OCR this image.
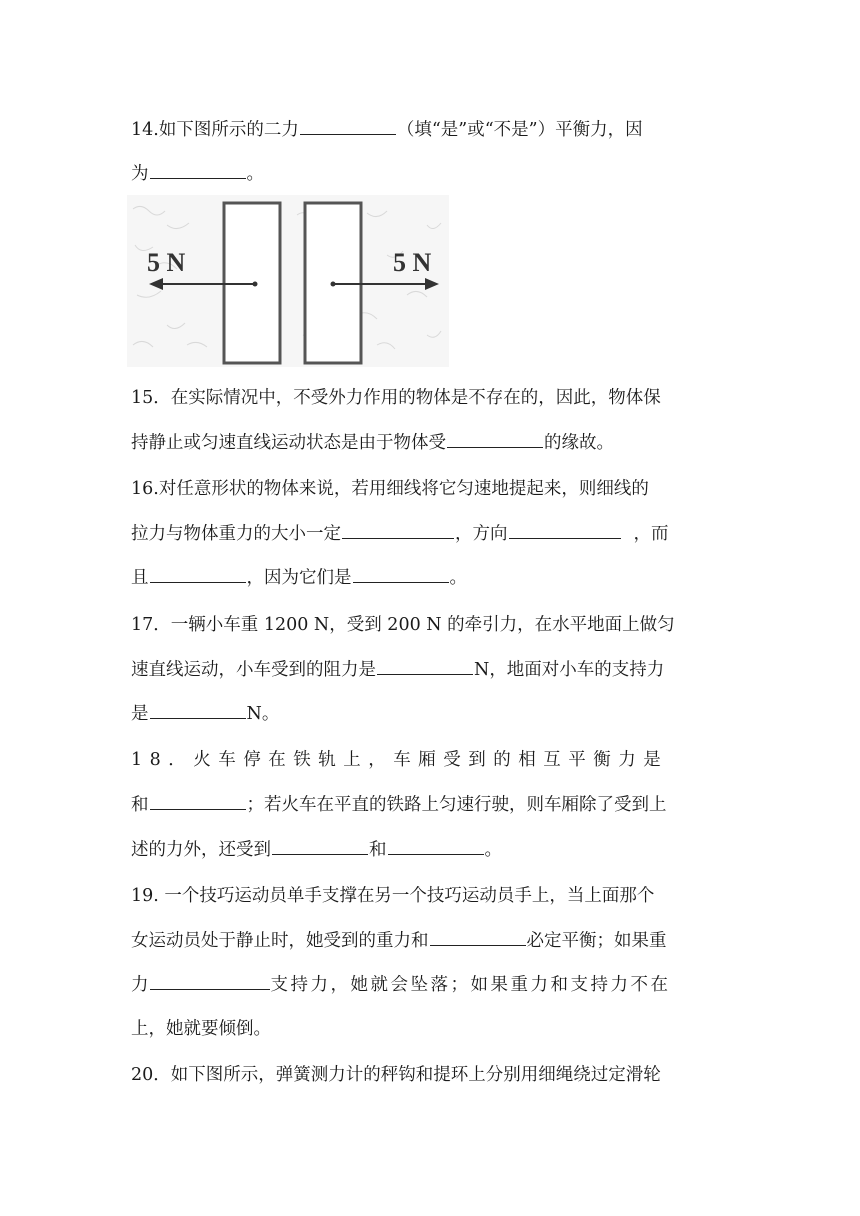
14.如下图所示的二力	（填“是”或“不是”）平衡力，因
为	。
5 N	5 N
15．在实际情况中，不受外力作用的物体是不存在的，因此，物体保
持静止或匀速直线运动状态是由于物体受	的缘故。
16.对任意形状的物体来说，若用细线将它匀速地提起来，则细线的
拉力与物体重力的大小一定	，方向	，而
且	，因为它们是	。
17．一辆小车重 1200 N，受到 200 N 的牵引力，在水平地面上做匀
速直线运动，小车受到的阻力是	N，地面对小车的支持力
是	N。
18．火车停在铁轨上，车厢受到的相互平衡力是
和	；若火车在平直的铁路上匀速行驶，则车厢除了受到上
述的力外，还受到	和	。
19. 一个技巧运动员单手支撑在另一个技巧运动员手上，当上面那个
女运动员处于静止时，她受到的重力和	必定平衡；如果重
力	支持力，她就会坠落；如果重力和支持力不在
上，她就要倾倒。
20．如下图所示，弹簧测力计的秤钩和提环上分别用细绳绕过定滑轮
